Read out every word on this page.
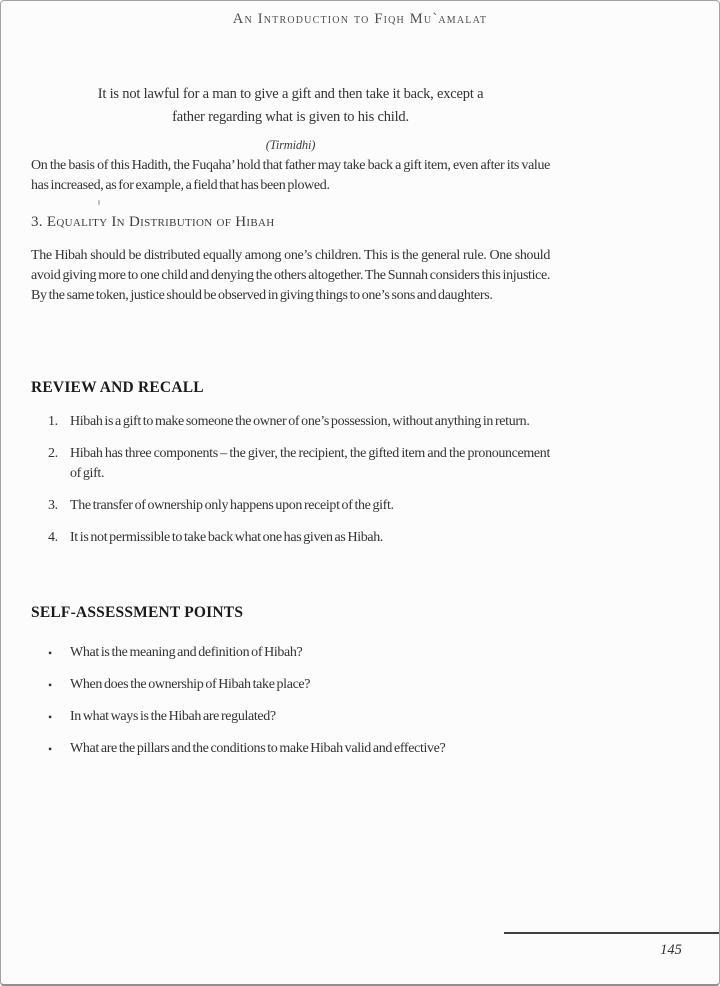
An Introduction to Fiqh Mu`amalat
It is not lawful for a man to give a gift and then take it back, except a
father regarding what is given to his child.
(Tirmidhi)

On the basis of this Hadith, the Fuqaha’ hold that father may take back a gift item, even after its value has increased, as for example, a field that has been plowed.

3. Equality In Distribution of Hibah

The Hibah should be distributed equally among one’s children. This is the general rule. One should avoid giving more to one child and denying the others altogether. The Sunnah considers this injustice. By the same token, justice should be observed in giving things to one’s sons and daughters.

REVIEW AND RECALL
1. Hibah is a gift to make someone the owner of one’s possession, without anything in return.
2. Hibah has three components – the giver, the recipient, the gifted item and the pronouncement of gift.
3. The transfer of ownership only happens upon receipt of the gift.
4. It is not permissible to take back what one has given as Hibah.
SELF-ASSESSMENT POINTS
•	What is the meaning and definition of Hibah?
•	When does the ownership of Hibah take place?
•	In what ways is the Hibah are regulated?
•	What are the pillars and the conditions to make Hibah valid and effective?
145
